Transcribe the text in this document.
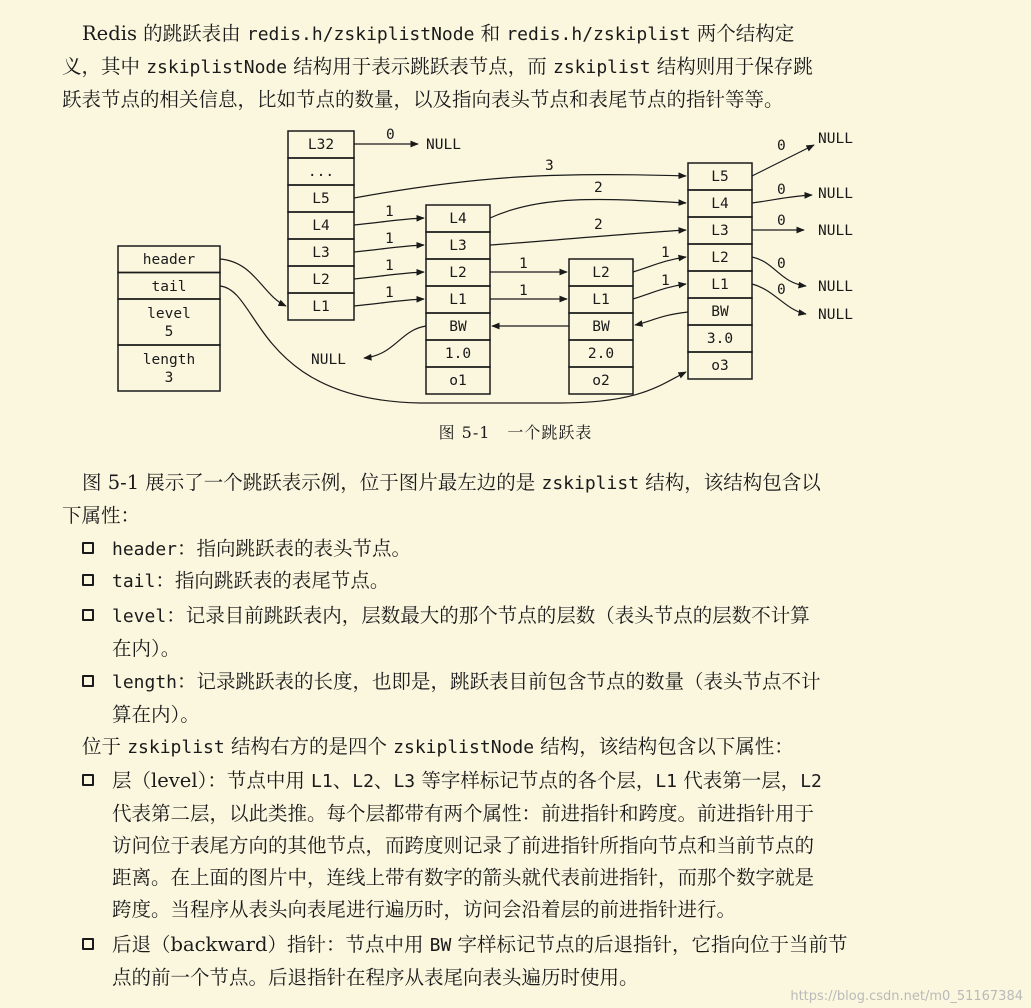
Redis 的跳跃表由 redis.h/zskiplistNode 和 redis.h/zskiplist 两个结构定
义，其中 zskiplistNode 结构用于表示跳跃表节点，而 zskiplist 结构则用于保存跳
跃表节点的相关信息，比如节点的数量，以及指向表头节点和表尾节点的指针等等。
header
tail
level
5
length
3
L32
...
L5
L4
L3
L2
L1
L4
L3
L2
L1
BW
1.0
o1
L2
L1
BW
2.0
o2
L5
L4
L3
L2
L1
BW
3.0
o3
NULL
NULL
NULL
NULL
NULL
NULL
NULL
0
3
1
1
1
1
2
2
1
1
1
1
0
0
0
0
0
图 5-1　一个跳跃表
图 5-1 展示了一个跳跃表示例，位于图片最左边的是 zskiplist 结构，该结构包含以
下属性：
header：指向跳跃表的表头节点。
tail：指向跳跃表的表尾节点。
level：记录目前跳跃表内，层数最大的那个节点的层数（表头节点的层数不计算
在内）。
length：记录跳跃表的长度，也即是，跳跃表目前包含节点的数量（表头节点不计
算在内）。
位于 zskiplist 结构右方的是四个 zskiplistNode 结构，该结构包含以下属性：
层（level）：节点中用 L1、L2、L3 等字样标记节点的各个层，L1 代表第一层，L2
代表第二层，以此类推。每个层都带有两个属性：前进指针和跨度。前进指针用于
访问位于表尾方向的其他节点，而跨度则记录了前进指针所指向节点和当前节点的
距离。在上面的图片中，连线上带有数字的箭头就代表前进指针，而那个数字就是
跨度。当程序从表头向表尾进行遍历时，访问会沿着层的前进指针进行。
后退（backward）指针：节点中用 BW 字样标记节点的后退指针，它指向位于当前节
点的前一个节点。后退指针在程序从表尾向表头遍历时使用。
https://blog.csdn.net/m0_51167384
